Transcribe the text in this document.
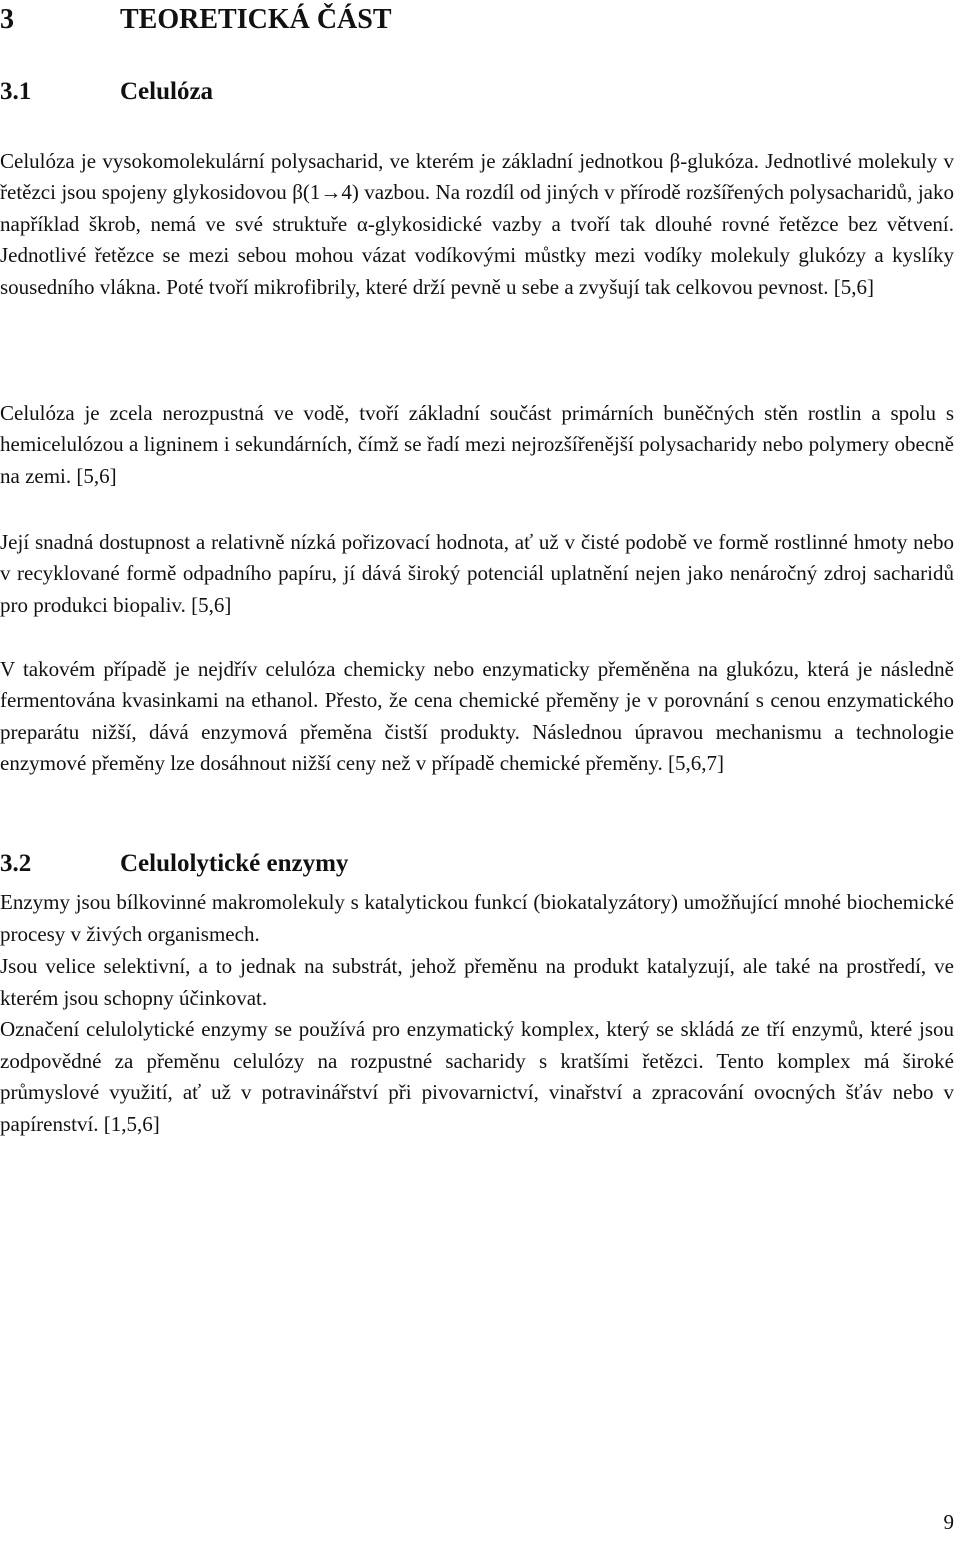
3	TEORETICKÁ ČÁST
3.1	Celulóza

Celulóza je vysokomolekulární polysacharid, ve kterém je základní jednotkou β-glukóza. Jednotlivé molekuly v řetězci jsou spojeny glykosidovou β(1→4) vazbou. Na rozdíl od jiných v přírodě rozšířených polysacharidů, jako například škrob, nemá ve své struktuře α-glykosidické vazby a tvoří tak dlouhé rovné řetězce bez větvení. Jednotlivé řetězce se mezi sebou mohou vázat vodíkovými můstky mezi vodíky molekuly glukózy a kyslíky sousedního vlákna. Poté tvoří mikrofibrily, které drží pevně u sebe a zvyšují tak celkovou pevnost. [5,6]

Celulóza je zcela nerozpustná ve vodě, tvoří základní součást primárních buněčných stěn rostlin a spolu s hemicelulózou a ligninem i sekundárních, čímž se řadí mezi nejrozšířenější polysacharidy nebo polymery obecně na zemi. [5,6]

Její snadná dostupnost a relativně nízká pořizovací hodnota, ať už v čisté podobě ve formě rostlinné hmoty nebo v recyklované formě odpadního papíru, jí dává široký potenciál uplatnění nejen jako nenáročný zdroj sacharidů pro produkci biopaliv. [5,6]

V takovém případě je nejdřív celulóza chemicky nebo enzymaticky přeměněna na glukózu, která je následně fermentována kvasinkami na ethanol. Přesto, že cena chemické přeměny je v porovnání s cenou enzymatického preparátu nižší, dává enzymová přeměna čistší produkty. Následnou úpravou mechanismu a technologie enzymové přeměny lze dosáhnout nižší ceny než v případě chemické přeměny. [5,6,7]

3.2	Celulolytické enzymy

Enzymy jsou bílkovinné makromolekuly s katalytickou funkcí (biokatalyzátory) umožňující mnohé biochemické procesy v živých organismech.

Jsou velice selektivní, a to jednak na substrát, jehož přeměnu na produkt katalyzují, ale také na prostředí, ve kterém jsou schopny účinkovat.

Označení celulolytické enzymy se používá pro enzymatický komplex, který se skládá ze tří enzymů, které jsou zodpovědné za přeměnu celulózy na rozpustné sacharidy s kratšími řetězci. Tento komplex má široké průmyslové využití, ať už v potravinářství při pivovarnictví, vinařství a zpracování ovocných šťáv nebo v papírenství. [1,5,6]

9
